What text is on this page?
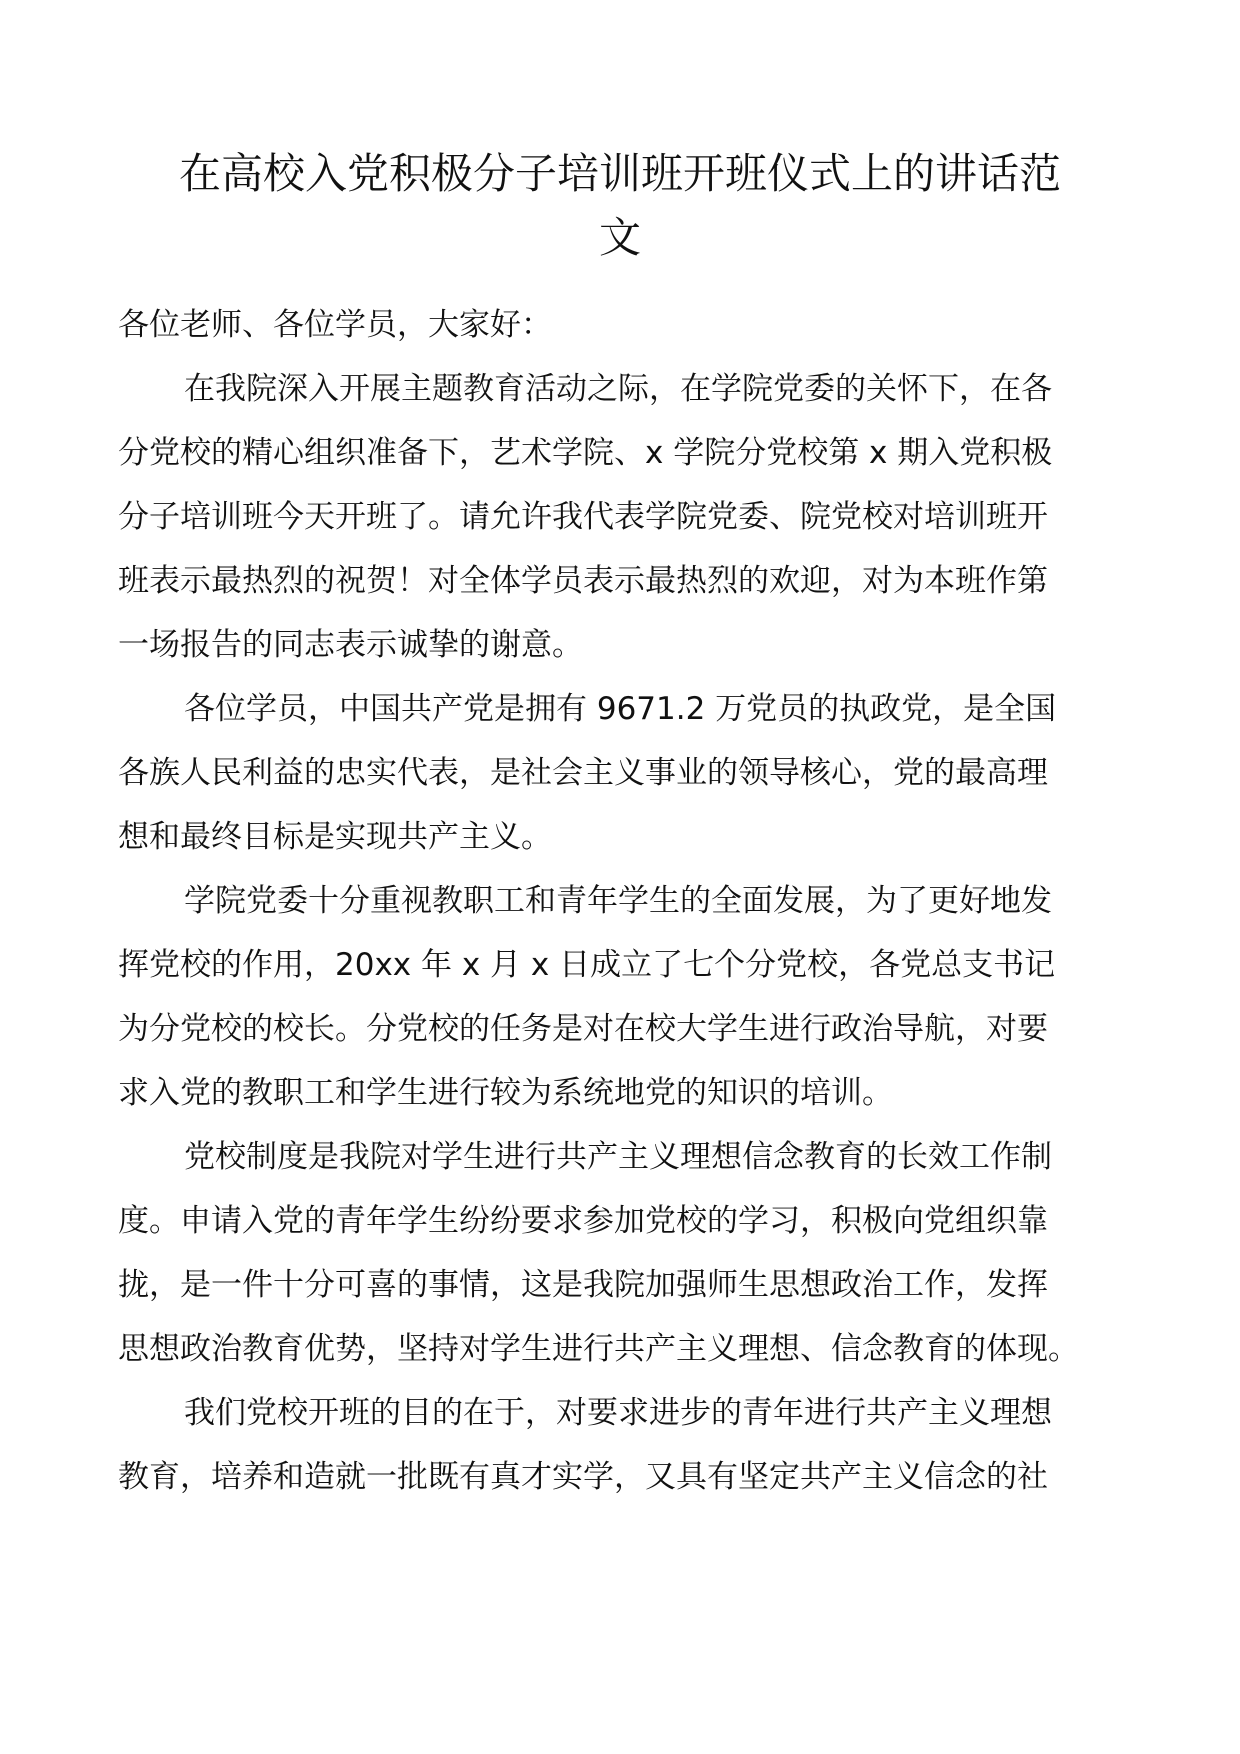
在高校入党积极分子培训班开班仪式上的讲话范
文

各位老师、各位学员，大家好：

在我院深入开展主题教育活动之际，在学院党委的关怀下，在各

分党校的精心组织准备下，艺术学院、x 学院分党校第 x 期入党积极

分子培训班今天开班了。请允许我代表学院党委、院党校对培训班开

班表示最热烈的祝贺！对全体学员表示最热烈的欢迎，对为本班作第

一场报告的同志表示诚挚的谢意。

各位学员，中国共产党是拥有 9671.2 万党员的执政党，是全国

各族人民利益的忠实代表，是社会主义事业的领导核心，党的最高理

想和最终目标是实现共产主义。

学院党委十分重视教职工和青年学生的全面发展，为了更好地发

挥党校的作用，20xx 年 x 月 x 日成立了七个分党校，各党总支书记

为分党校的校长。分党校的任务是对在校大学生进行政治导航，对要

求入党的教职工和学生进行较为系统地党的知识的培训。

党校制度是我院对学生进行共产主义理想信念教育的长效工作制

度。申请入党的青年学生纷纷要求参加党校的学习，积极向党组织靠

拢，是一件十分可喜的事情，这是我院加强师生思想政治工作，发挥

思想政治教育优势，坚持对学生进行共产主义理想、信念教育的体现。

我们党校开班的目的在于，对要求进步的青年进行共产主义理想

教育，培养和造就一批既有真才实学，又具有坚定共产主义信念的社
